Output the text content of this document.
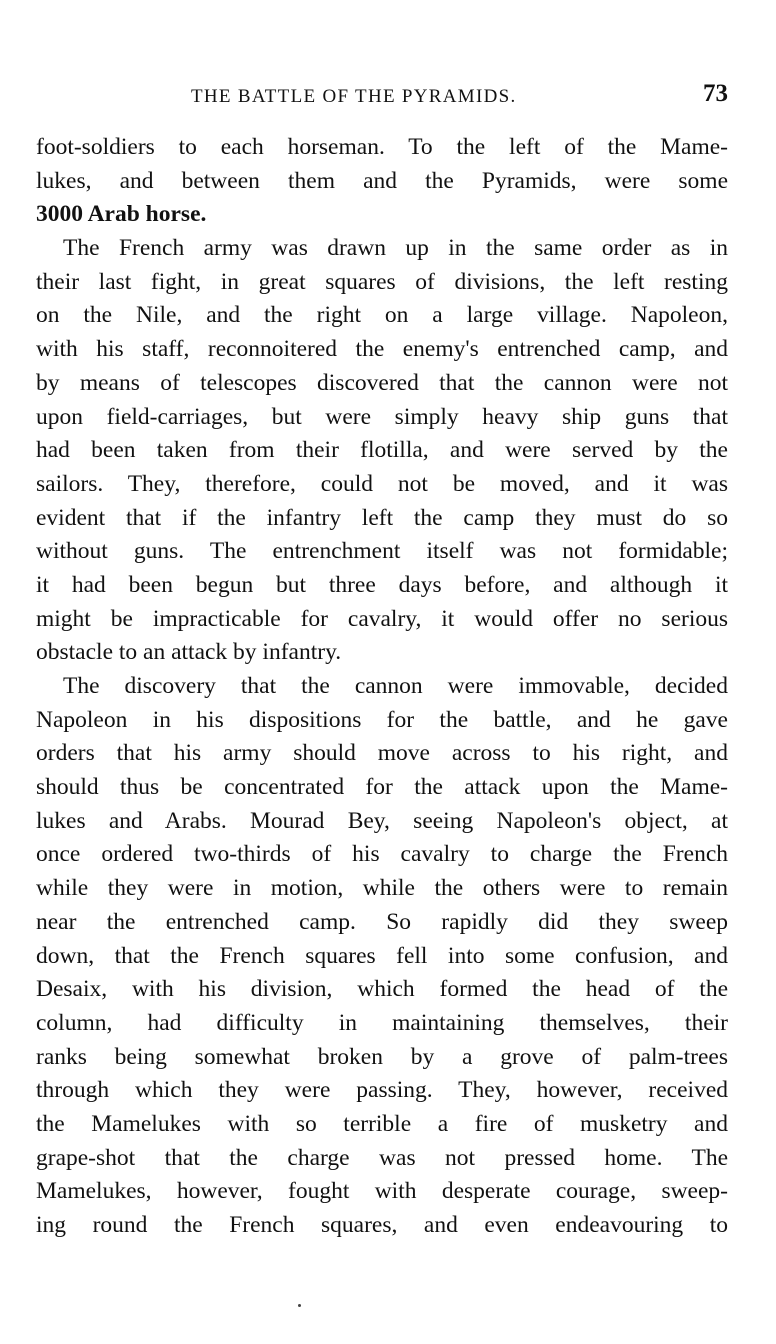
THE BATTLE OF THE PYRAMIDS.	73
foot-soldiers to each horseman. To the left of the Mame-
lukes, and between them and the Pyramids, were some
3000 Arab horse.
The French army was drawn up in the same order as in
their last fight, in great squares of divisions, the left resting
on the Nile, and the right on a large village. Napoleon,
with his staff, reconnoitered the enemy's entrenched camp, and
by means of telescopes discovered that the cannon were not
upon field-carriages, but were simply heavy ship guns that
had been taken from their flotilla, and were served by the
sailors. They, therefore, could not be moved, and it was
evident that if the infantry left the camp they must do so
without guns. The entrenchment itself was not formidable;
it had been begun but three days before, and although it
might be impracticable for cavalry, it would offer no serious
obstacle to an attack by infantry.
The discovery that the cannon were immovable, decided
Napoleon in his dispositions for the battle, and he gave
orders that his army should move across to his right, and
should thus be concentrated for the attack upon the Mame-
lukes and Arabs. Mourad Bey, seeing Napoleon's object, at
once ordered two-thirds of his cavalry to charge the French
while they were in motion, while the others were to remain
near the entrenched camp. So rapidly did they sweep
down, that the French squares fell into some confusion, and
Desaix, with his division, which formed the head of the
column, had difficulty in maintaining themselves, their
ranks being somewhat broken by a grove of palm-trees
through which they were passing. They, however, received
the Mamelukes with so terrible a fire of musketry and
grape-shot that the charge was not pressed home. The
Mamelukes, however, fought with desperate courage, sweep-
ing round the French squares, and even endeavouring to
